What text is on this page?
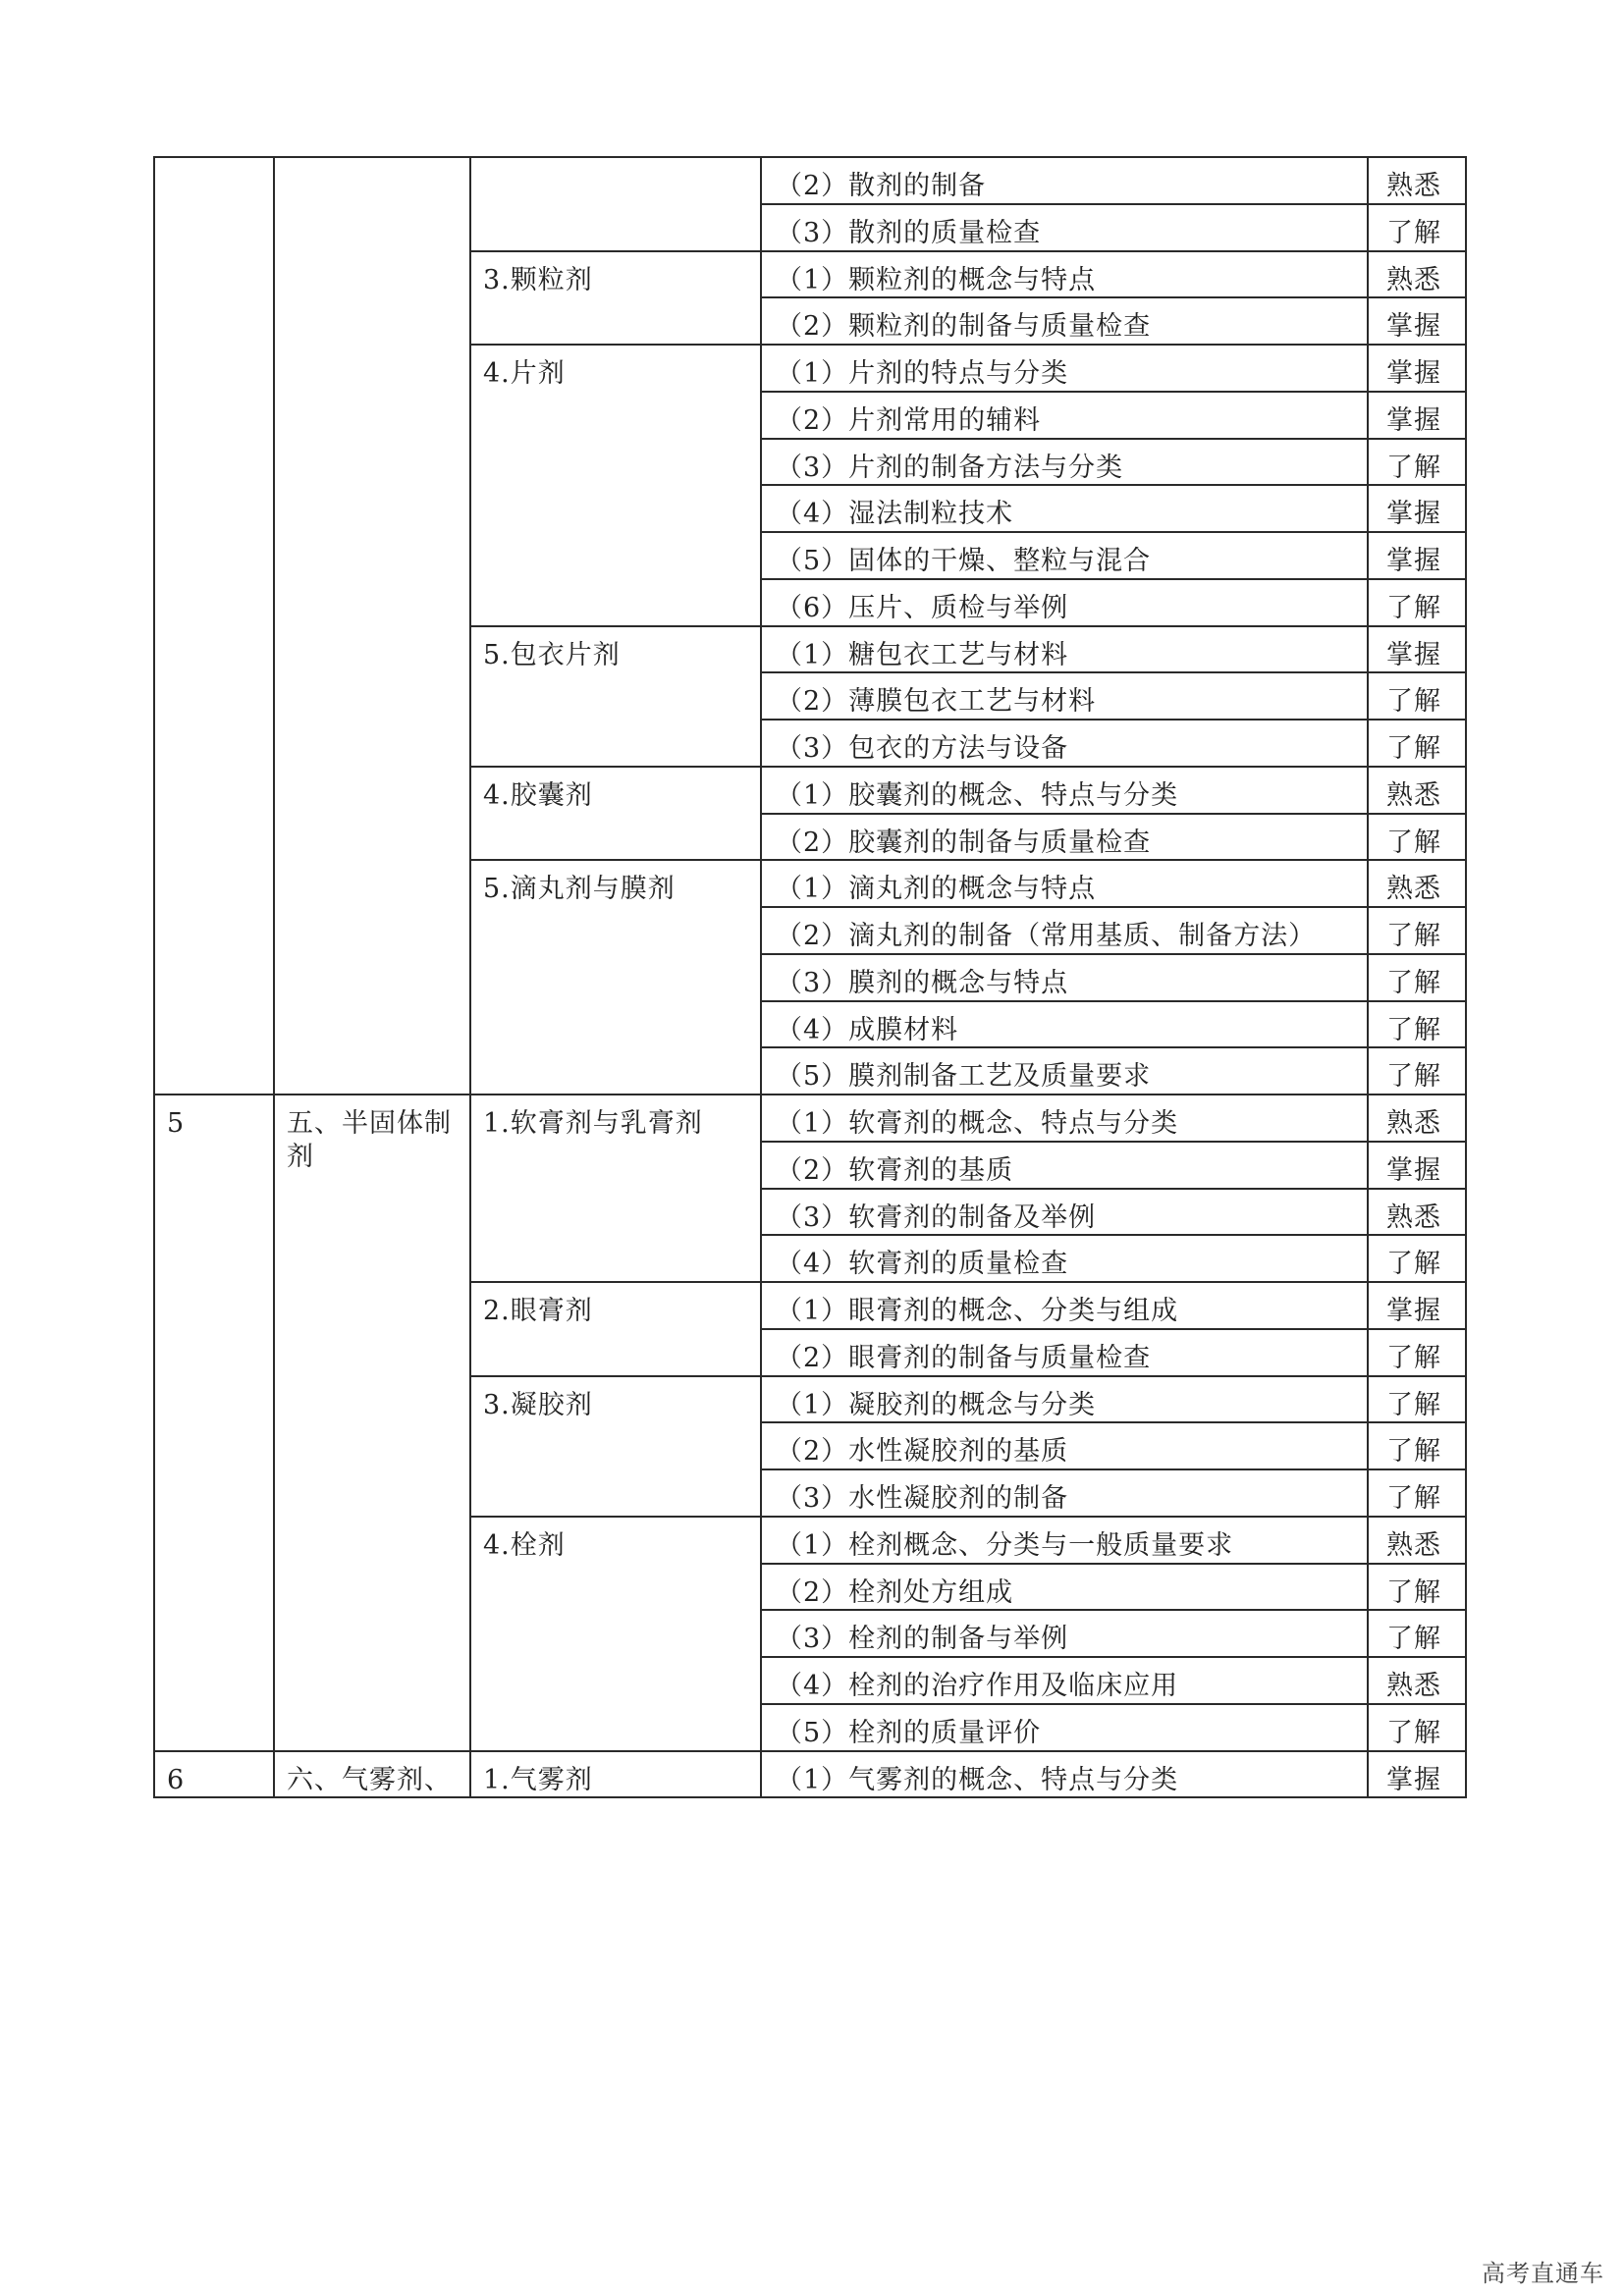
			（2）散剂的制备	熟悉
			（3）散剂的质量检查	了解
		3.颗粒剂	（1）颗粒剂的概念与特点	熟悉
			（2）颗粒剂的制备与质量检查	掌握
		4.片剂	（1）片剂的特点与分类	掌握
			（2）片剂常用的辅料	掌握
			（3）片剂的制备方法与分类	了解
			（4）湿法制粒技术	掌握
			（5）固体的干燥、整粒与混合	掌握
			（6）压片、质检与举例	了解
		5.包衣片剂	（1）糖包衣工艺与材料	掌握
			（2）薄膜包衣工艺与材料	了解
			（3）包衣的方法与设备	了解
		4.胶囊剂	（1）胶囊剂的概念、特点与分类	熟悉
			（2）胶囊剂的制备与质量检查	了解
		5.滴丸剂与膜剂	（1）滴丸剂的概念与特点	熟悉
			（2）滴丸剂的制备（常用基质、制备方法）	了解
			（3）膜剂的概念与特点	了解
			（4）成膜材料	了解
			（5）膜剂制备工艺及质量要求	了解
5	五、半固体制剂	1.软膏剂与乳膏剂	（1）软膏剂的概念、特点与分类	熟悉
			（2）软膏剂的基质	掌握
			（3）软膏剂的制备及举例	熟悉
			（4）软膏剂的质量检查	了解
		2.眼膏剂	（1）眼膏剂的概念、分类与组成	掌握
			（2）眼膏剂的制备与质量检查	了解
		3.凝胶剂	（1）凝胶剂的概念与分类	了解
			（2）水性凝胶剂的基质	了解
			（3）水性凝胶剂的制备	了解
		4.栓剂	（1）栓剂概念、分类与一般质量要求	熟悉
			（2）栓剂处方组成	了解
			（3）栓剂的制备与举例	了解
			（4）栓剂的治疗作用及临床应用	熟悉
			（5）栓剂的质量评价	了解
6	六、气雾剂、	1.气雾剂	（1）气雾剂的概念、特点与分类	掌握
高考直通车
